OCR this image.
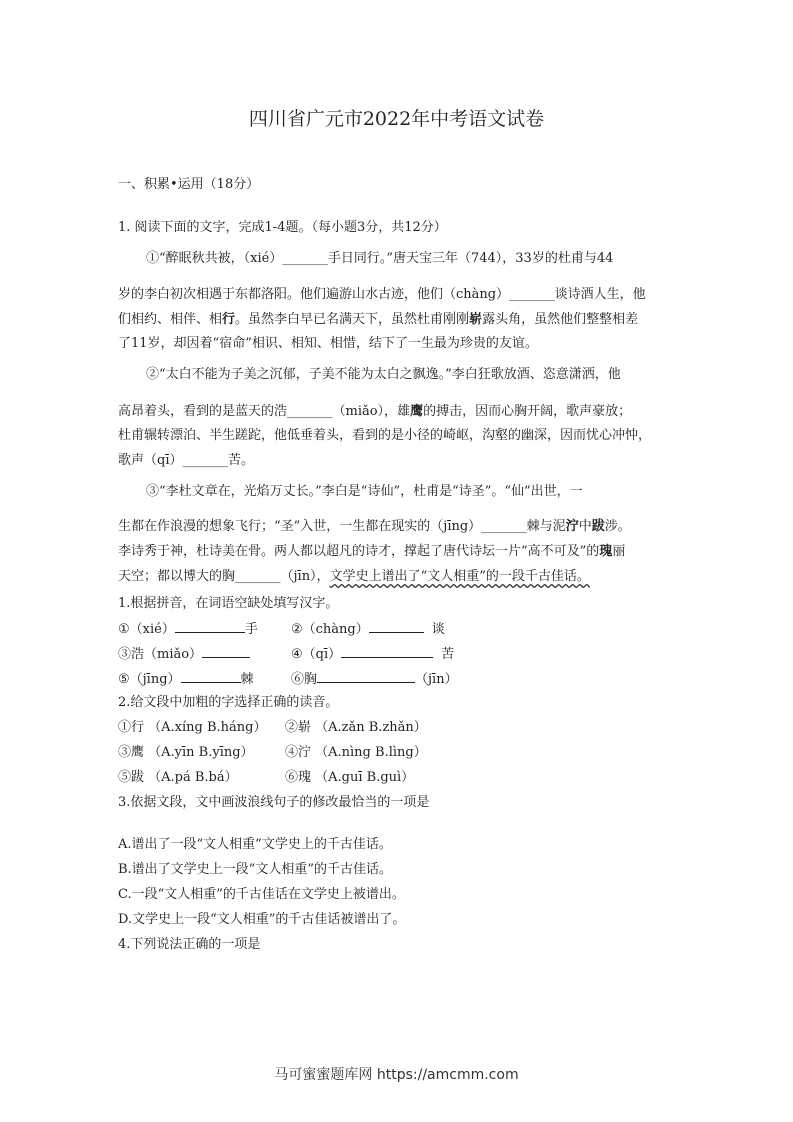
四川省广元市2022年中考语文试卷
一、积累•运用（18分）
1. 阅读下面的文字，完成1-4题。（每小题3分，共12分）
①“醉眠秋共被，（xié）_______手日同行。”唐天宝三年（744），33岁的杜甫与44
岁的李白初次相遇于东都洛阳。他们遍游山水古迹，他们（chàng）_______谈诗酒人生，他
们相约、相伴、相行。虽然李白早已名满天下，虽然杜甫刚刚崭露头角，虽然他们整整相差
了11岁，却因着“宿命”相识、相知、相惜，结下了一生最为珍贵的友谊。
②“太白不能为子美之沉郁，子美不能为太白之飘逸。”李白狂歌放酒、恣意潇洒，他
高昂着头，看到的是蓝天的浩_______（miǎo），雄鹰的搏击，因而心胸开阔，歌声豪放；
杜甫辗转漂泊、半生蹉跎，他低垂着头，看到的是小径的崎岖，沟壑的幽深，因而忧心冲忡，
歌声（qī）_______苦。
③“李杜文章在，光焰万丈长。”李白是“诗仙”，杜甫是“诗圣”。“仙”出世，一
生都在作浪漫的想象飞行；“圣”入世，一生都在现实的（jīng）_______棘与泥泞中跋涉。
李诗秀于神，杜诗美在骨。两人都以超凡的诗才，撑起了唐代诗坛一片“高不可及”的瑰丽
天空；都以博大的胸_______（jīn），文学史上谱出了“文人相重”的一段千古佳话。
1.根据拼音，在词语空缺处填写汉字。
①（xié）	手	②（chàng）	谈
③浩（miǎo）	④（qī）	苦
⑤（jīng）	棘	⑥胸	（jīn）
2.给文段中加粗的字选择正确的读音。
①行 （A.xíng B.háng） ②崭 （A.zǎn B.zhǎn）
③鹰 （A.yīn B.yīng） ④泞 （A.nìng B.lìng）
⑤跋 （A.pá B.bá）	⑥瑰 （A.guī B.guì）
3.依据文段，文中画波浪线句子的修改最恰当的一项是
A.谱出了一段“文人相重”文学史上的千古佳话。
B.谱出了文学史上一段“文人相重”的千古佳话。
C.一段“文人相重”的千古佳话在文学史上被谱出。
D.文学史上一段“文人相重”的千古佳话被谱出了。
4.下列说法正确的一项是
马可蜜蜜题库网 https://amcmm.com
